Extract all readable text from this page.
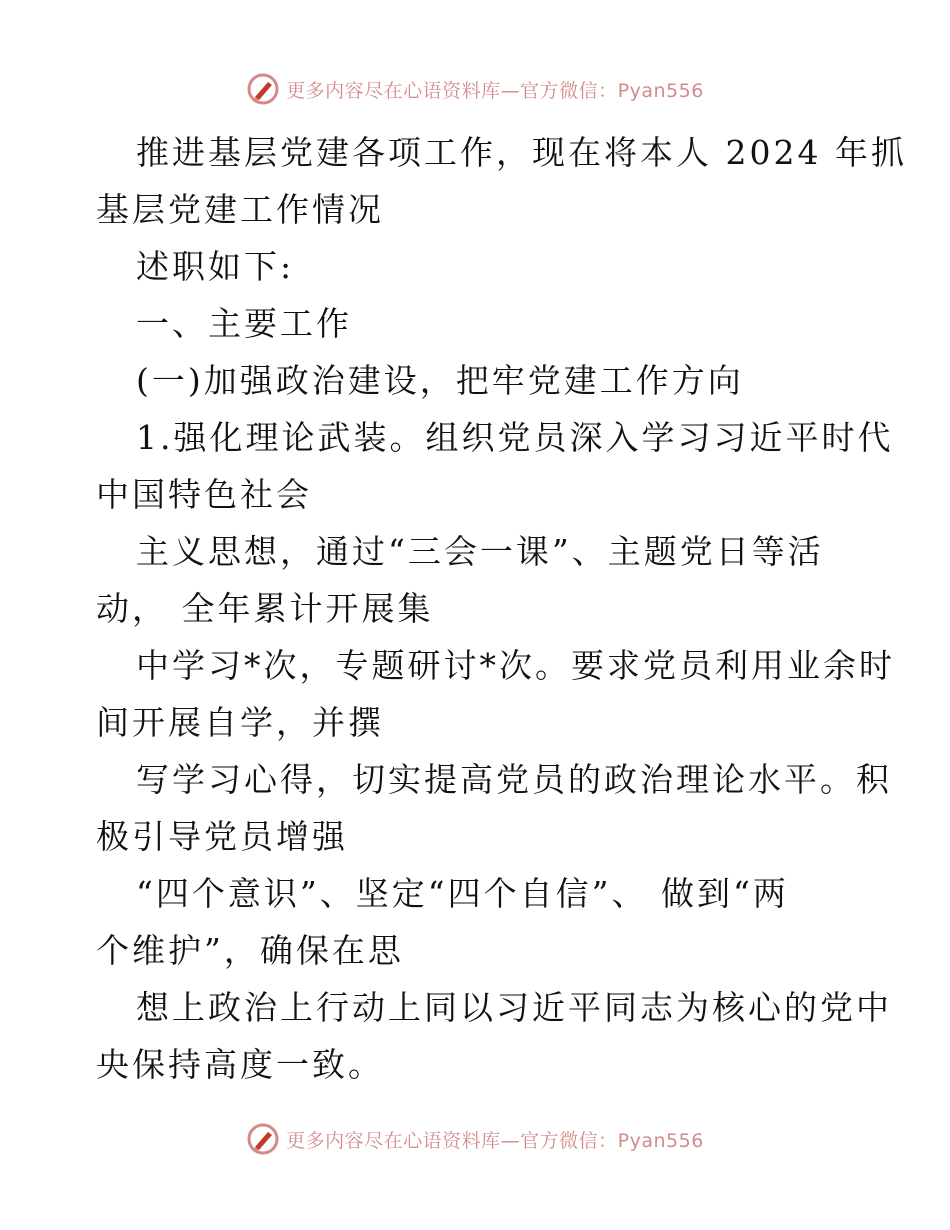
更多内容尽在心语资料库—官方微信：Pyan556

推进基层党建各项工作，现在将本人 2024 年抓

基层党建工作情况

述职如下:

一、主要工作

(一)加强政治建设，把牢党建工作方向

1.强化理论武装。组织党员深入学习习近平时代

中国特色社会

主义思想，通过“三会一课”、主题党日等活

动， 全年累计开展集

中学习*次，专题研讨*次。要求党员利用业余时

间开展自学，并撰

写学习心得，切实提高党员的政治理论水平。积

极引导党员增强

“四个意识”、坚定“四个自信”、 做到“两

个维护”，确保在思

想上政治上行动上同以习近平同志为核心的党中

央保持高度一致。

更多内容尽在心语资料库—官方微信：Pyan556
